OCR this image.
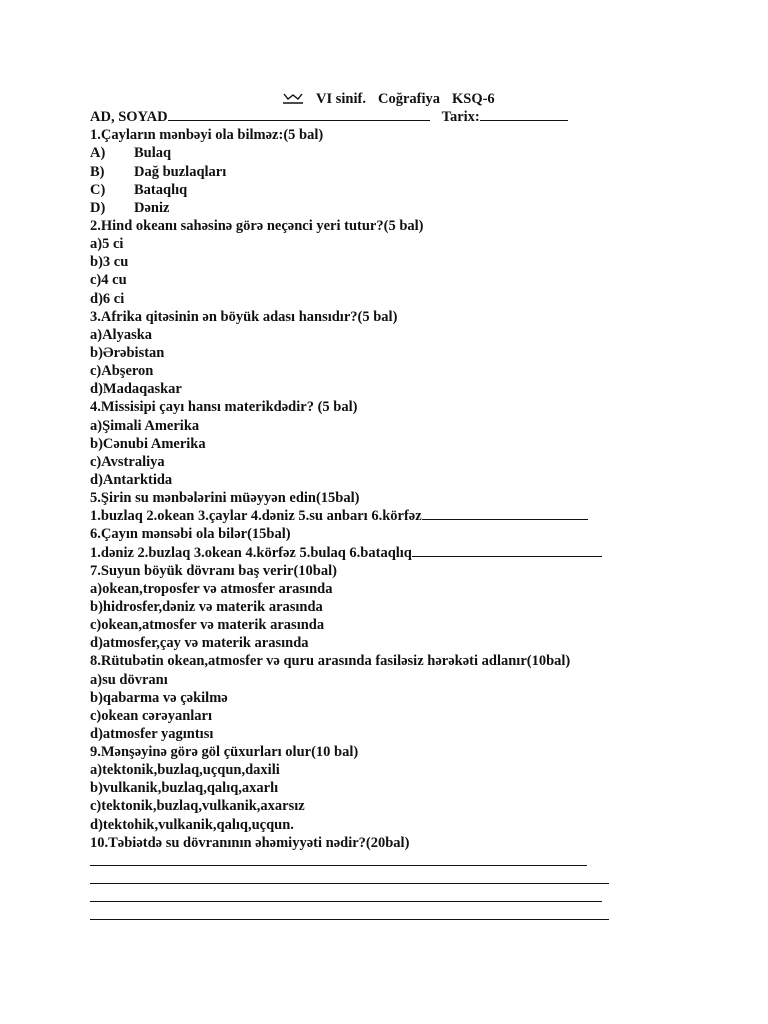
VI sinif. Coğrafiya KSQ-6
AD, SOYAD	Tarix:
1.Çayların mənbəyi ola bilməz:(5 bal)
A)	Bulaq
B)	Dağ buzlaqları
C)	Bataqlıq
D)	Dəniz
2.Hind okeanı sahəsinə görə neçənci yeri tutur?(5 bal)
a)5 ci
b)3 cu
c)4 cu
d)6 ci
3.Afrika qitəsinin ən böyük adası hansıdır?(5 bal)
a)Alyaska
b)Ərəbistan
c)Abşeron
d)Madaqaskar
4.Missisipi çayı hansı materikdədir? (5 bal)
a)Şimali Amerika
b)Cənubi Amerika
c)Avstraliya
d)Antarktida
5.Şirin su mənbələrini müəyyən edin(15bal)
1.buzlaq 2.okean 3.çaylar 4.dəniz 5.su anbarı 6.körfəz
6.Çayın mənsəbi ola bilər(15bal)
1.dəniz 2.buzlaq 3.okean 4.körfəz 5.bulaq 6.bataqlıq
7.Suyun böyük dövranı baş verir(10bal)
a)okean,troposfer və atmosfer arasında
b)hidrosfer,dəniz və materik arasında
c)okean,atmosfer və materik arasında
d)atmosfer,çay və materik arasında
8.Rütubətin okean,atmosfer və quru arasında fasiləsiz hərəkəti adlanır(10bal)
a)su dövranı
b)qabarma və çəkilmə
c)okean cərəyanları
d)atmosfer yagıntısı
9.Mənşəyinə görə göl çüxurları olur(10 bal)
a)tektonik,buzlaq,uçqun,daxili
b)vulkanik,buzlaq,qalıq,axarlı
c)tektonik,buzlaq,vulkanik,axarsız
d)tektohik,vulkanik,qalıq,uçqun.
10.Təbiətdə su dövranının əhəmiyyəti nədir?(20bal)
